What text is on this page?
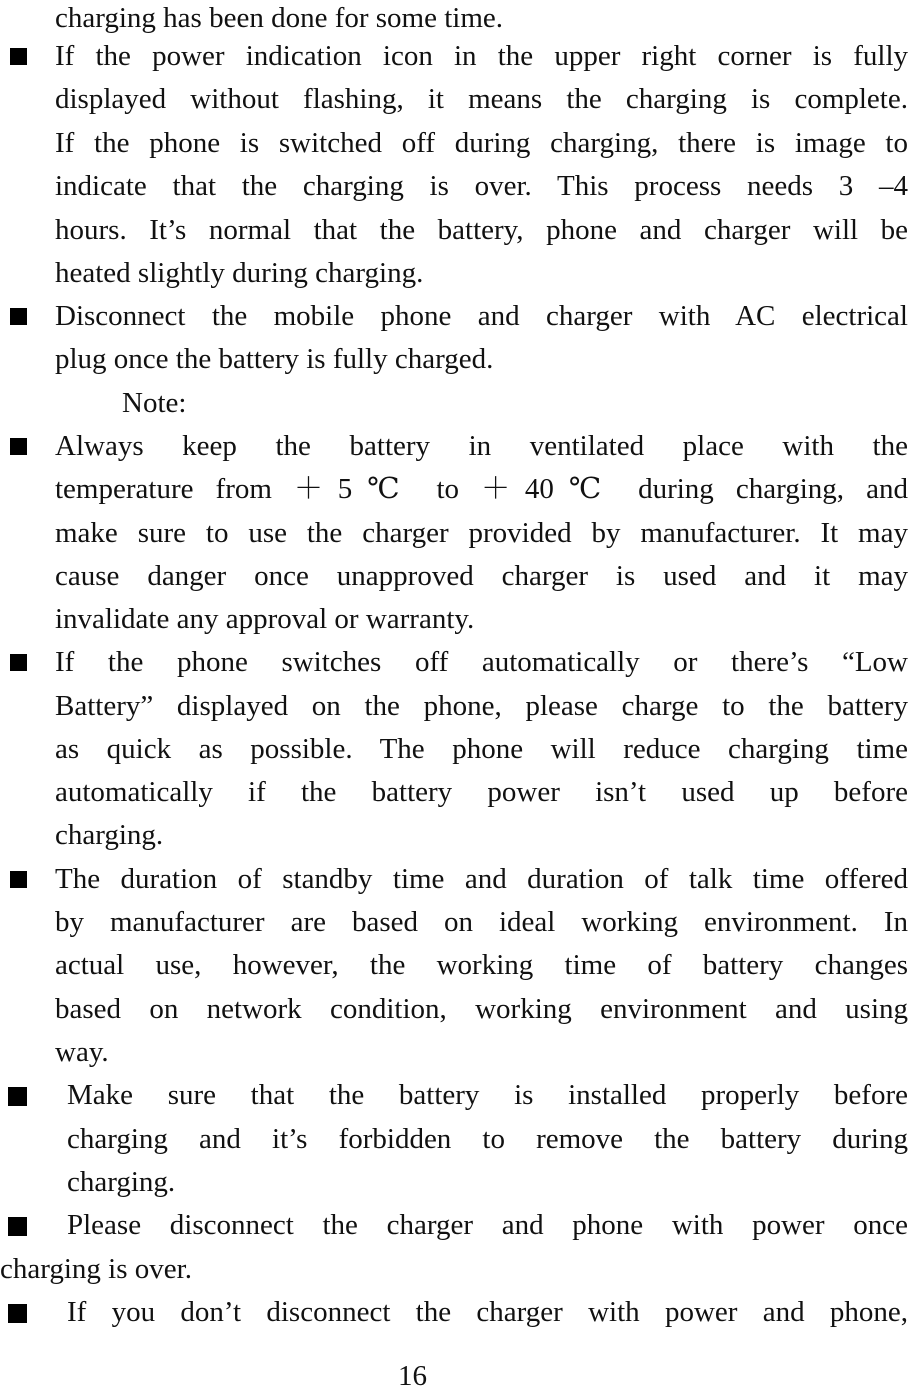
charging has been done for some time.
If the power indication icon in the upper right corner is fully
displayed without flashing, it means the charging is complete.
If the phone is switched off during charging, there is image to
indicate that the charging is over. This process needs 3 –4
hours. It’s normal that the battery, phone and charger will be
heated slightly during charging.
Disconnect the mobile phone and charger with AC electrical
plug once the battery is fully charged.
Note:
Always keep the battery in ventilated place with the
temperature from ＋5℃ to ＋40℃ during charging, and
make sure to use the charger provided by manufacturer. It may
cause danger once unapproved charger is used and it may
invalidate any approval or warranty.
If the phone switches off automatically or there’s “Low
Battery” displayed on the phone, please charge to the battery
as quick as possible. The phone will reduce charging time
automatically if the battery power isn’t used up before
charging.
The duration of standby time and duration of talk time offered
by manufacturer are based on ideal working environment. In
actual use, however, the working time of battery changes
based on network condition, working environment and using
way.
Make sure that the battery is installed properly before
charging and it’s forbidden to remove the battery during
charging.
Please disconnect the charger and phone with power once
charging is over.
If you don’t disconnect the charger with power and phone,
16
